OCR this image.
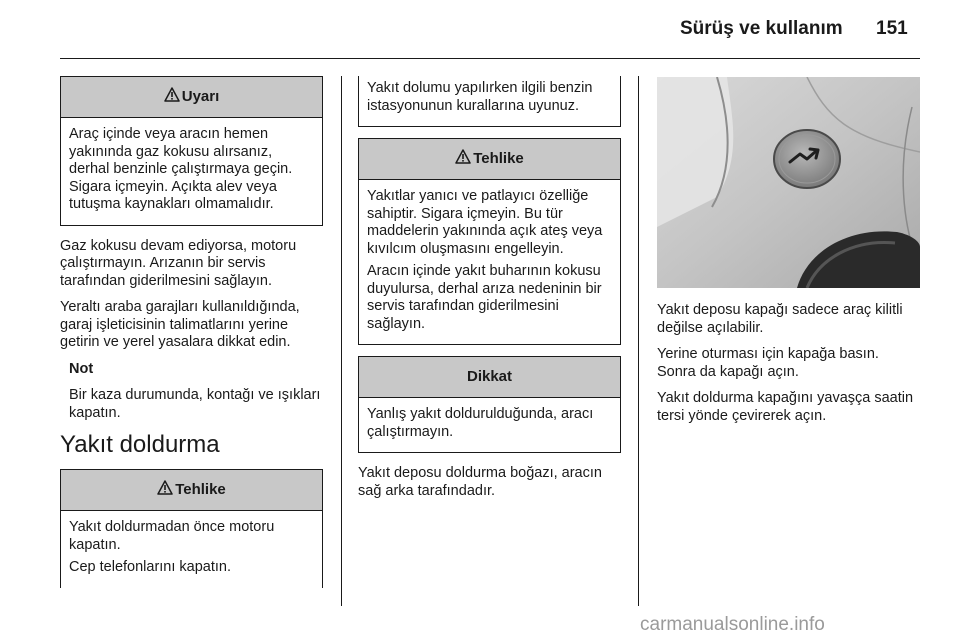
Sürüş ve kullanım 151
Uyarı

Araç içinde veya aracın hemen yakınında gaz kokusu alırsanız, derhal benzinle çalıştırmaya geçin. Sigara içmeyin. Açıkta alev veya tutuşma kaynakları olmamalıdır.

Gaz kokusu devam ediyorsa, motoru çalıştırmayın. Arızanın bir servis tarafından giderilmesini sağlayın.

Yeraltı araba garajları kullanıldığında, garaj işleticisinin talimatlarını yerine getirin ve yerel yasalara dikkat edin.

Not

Bir kaza durumunda, kontağı ve ışıkları kapatın.

Yakıt doldurma
Tehlike

Yakıt doldurmadan önce motoru kapatın.

Cep telefonlarını kapatın.

Yakıt dolumu yapılırken ilgili benzin istasyonunun kurallarına uyunuz.

Tehlike

Yakıtlar yanıcı ve patlayıcı özelliğe sahiptir. Sigara içmeyin. Bu tür maddelerin yakınında açık ateş veya kıvılcım oluşmasını engelleyin.

Aracın içinde yakıt buharının kokusu duyulursa, derhal arıza nedeninin bir servis tarafından giderilmesini sağlayın.

Dikkat

Yanlış yakıt doldurulduğunda, aracı çalıştırmayın.

Yakıt deposu doldurma boğazı, aracın sağ arka tarafındadır.

Yakıt deposu kapağı sadece araç kilitli değilse açılabilir.

Yerine oturması için kapağa basın. Sonra da kapağı açın.

Yakıt doldurma kapağını yavaşça saatin tersi yönde çevirerek açın.

carmanualsonline.info
